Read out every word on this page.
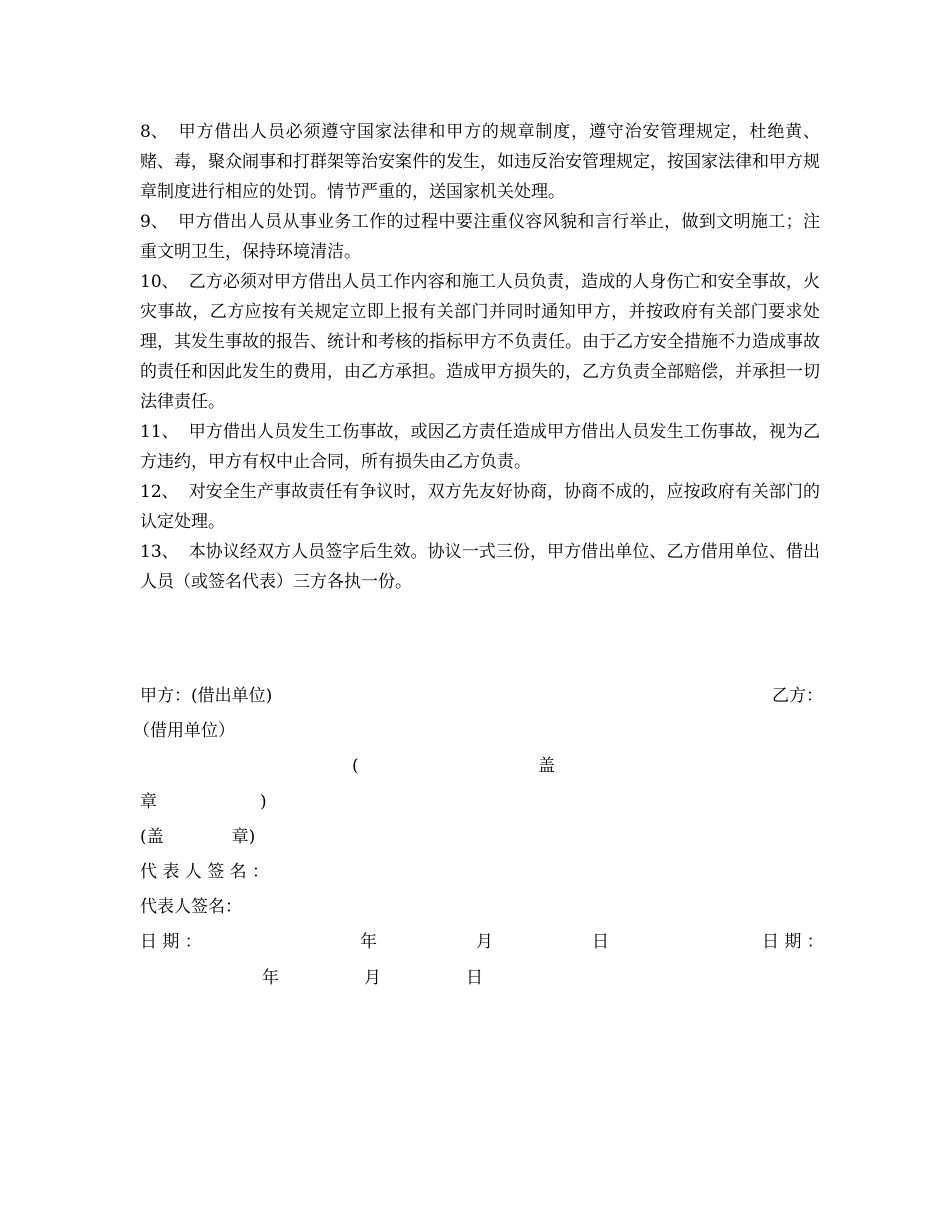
8、 甲方借出人员必须遵守国家法律和甲方的规章制度，遵守治安管理规定，杜绝黄、赌、毒，聚众闹事和打群架等治安案件的发生，如违反治安管理规定，按国家法律和甲方规章制度进行相应的处罚。情节严重的，送国家机关处理。

9、 甲方借出人员从事业务工作的过程中要注重仪容风貌和言行举止，做到文明施工；注重文明卫生，保持环境清洁。

10、 乙方必须对甲方借出人员工作内容和施工人员负责，造成的人身伤亡和安全事故，火灾事故，乙方应按有关规定立即上报有关部门并同时通知甲方，并按政府有关部门要求处理，其发生事故的报告、统计和考核的指标甲方不负责任。由于乙方安全措施不力造成事故的责任和因此发生的费用，由乙方承担。造成甲方损失的，乙方负责全部赔偿，并承担一切法律责任。

11、 甲方借出人员发生工伤事故，或因乙方责任造成甲方借出人员发生工伤事故，视为乙方违约，甲方有权中止合同，所有损失由乙方负责。

12、 对安全生产事故责任有争议时，双方先友好协商，协商不成的，应按政府有关部门的认定处理。

13、 本协议经双方人员签字后生效。协议一式三份，甲方借出单位、乙方借用单位、借出人员（或签名代表）三方各执一份。

甲方：(借出单位)	乙方：
（借用单位）
(	盖
章	)
(盖　　　　章)
代 表 人 签 名 ：
代表人签名：
日 期 ：	年	月	日	日 期 ：
年	月	日
